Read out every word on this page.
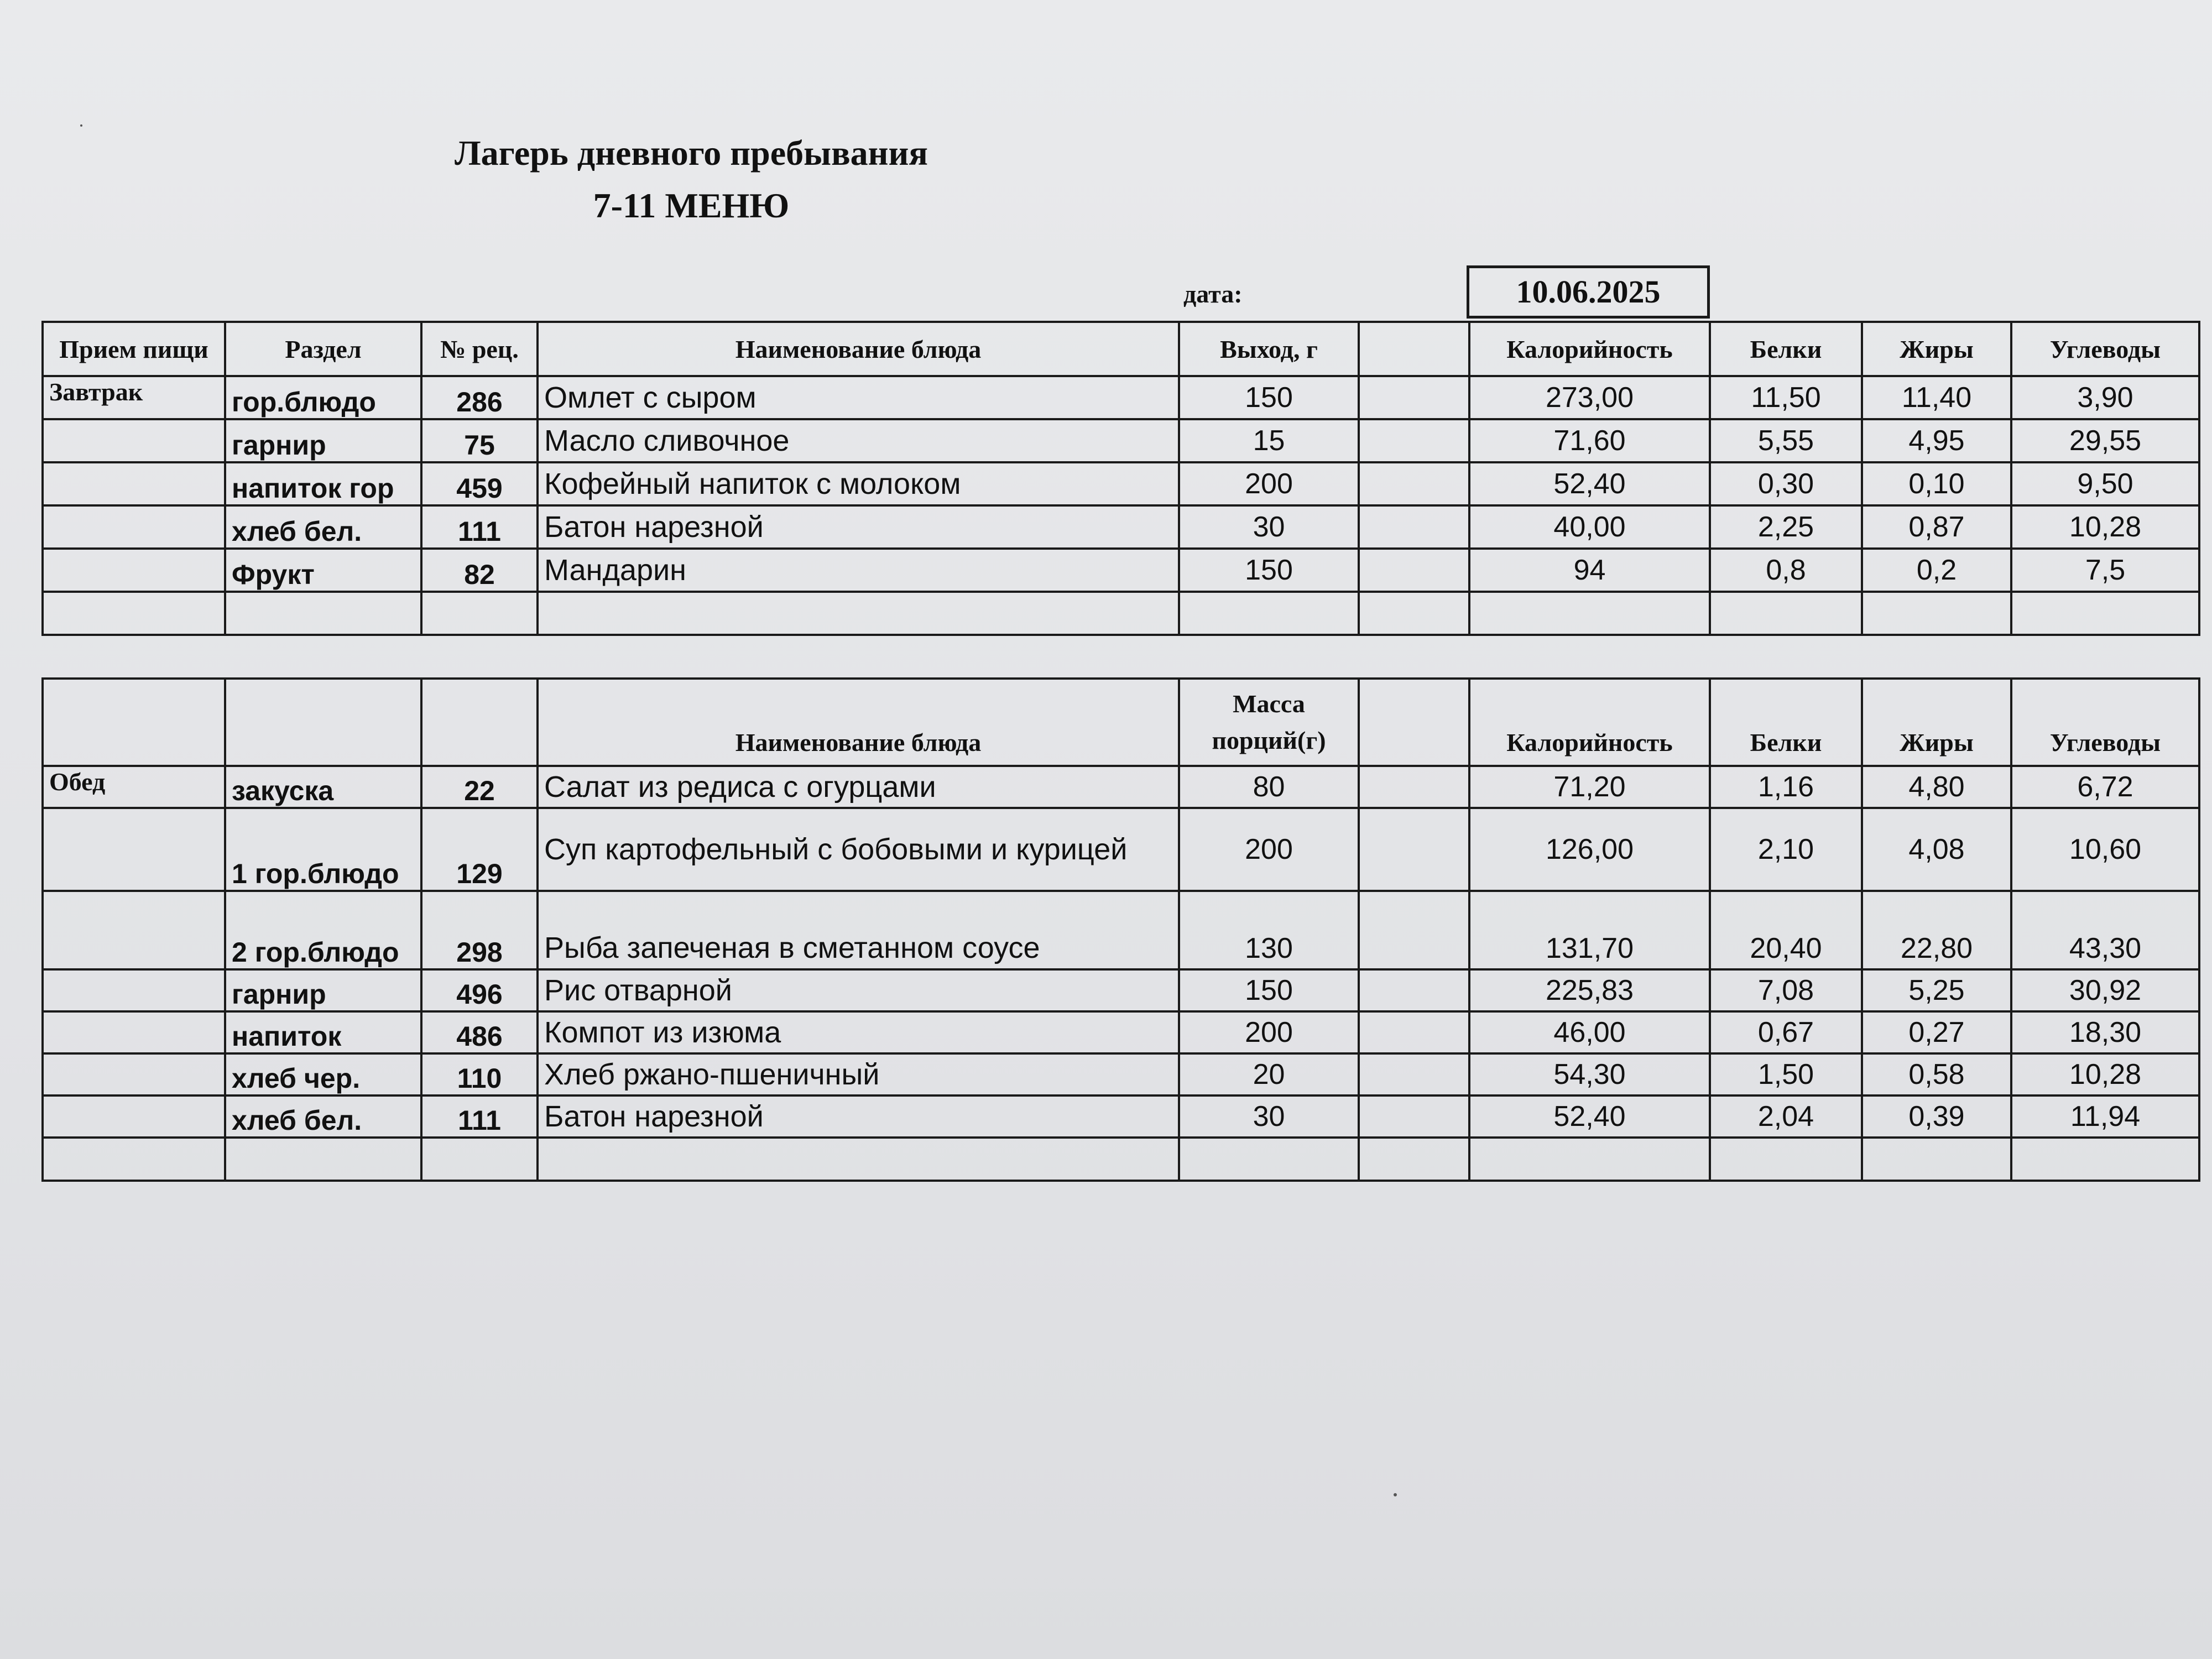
Лагерь дневного пребывания
7-11 МЕНЮ
дата:	10.06.2025
Прием пищи	Раздел	№ рец.	Наименование блюда	Выход, г		Калорийность	Белки	Жиры	Углеводы
Завтрак	гор.блюдо	286	Омлет с сыром	150		273,00	11,50	11,40	3,90
	гарнир	75	Масло сливочное	15		71,60	5,55	4,95	29,55
	напиток гор	459	Кофейный напиток с молоком	200		52,40	0,30	0,10	9,50
	хлеб бел.	111	Батон нарезной	30		40,00	2,25	0,87	10,28
	Фрукт	82	Мандарин	150		94	0,8	0,2	7,5

			Наименование блюда	Масса порций(г)		Калорийность	Белки	Жиры	Углеводы
Обед	закуска	22	Салат из редиса с огурцами	80		71,20	1,16	4,80	6,72
	1 гор.блюдо	129	Суп картофельный с бобовыми и курицей	200		126,00	2,10	4,08	10,60
	2 гор.блюдо	298	Рыба запеченая в сметанном соусе	130		131,70	20,40	22,80	43,30
	гарнир	496	Рис отварной	150		225,83	7,08	5,25	30,92
	напиток	486	Компот из изюма	200		46,00	0,67	0,27	18,30
	хлеб чер.	110	Хлеб ржано-пшеничный	20		54,30	1,50	0,58	10,28
	хлеб бел.	111	Батон нарезной	30		52,40	2,04	0,39	11,94
